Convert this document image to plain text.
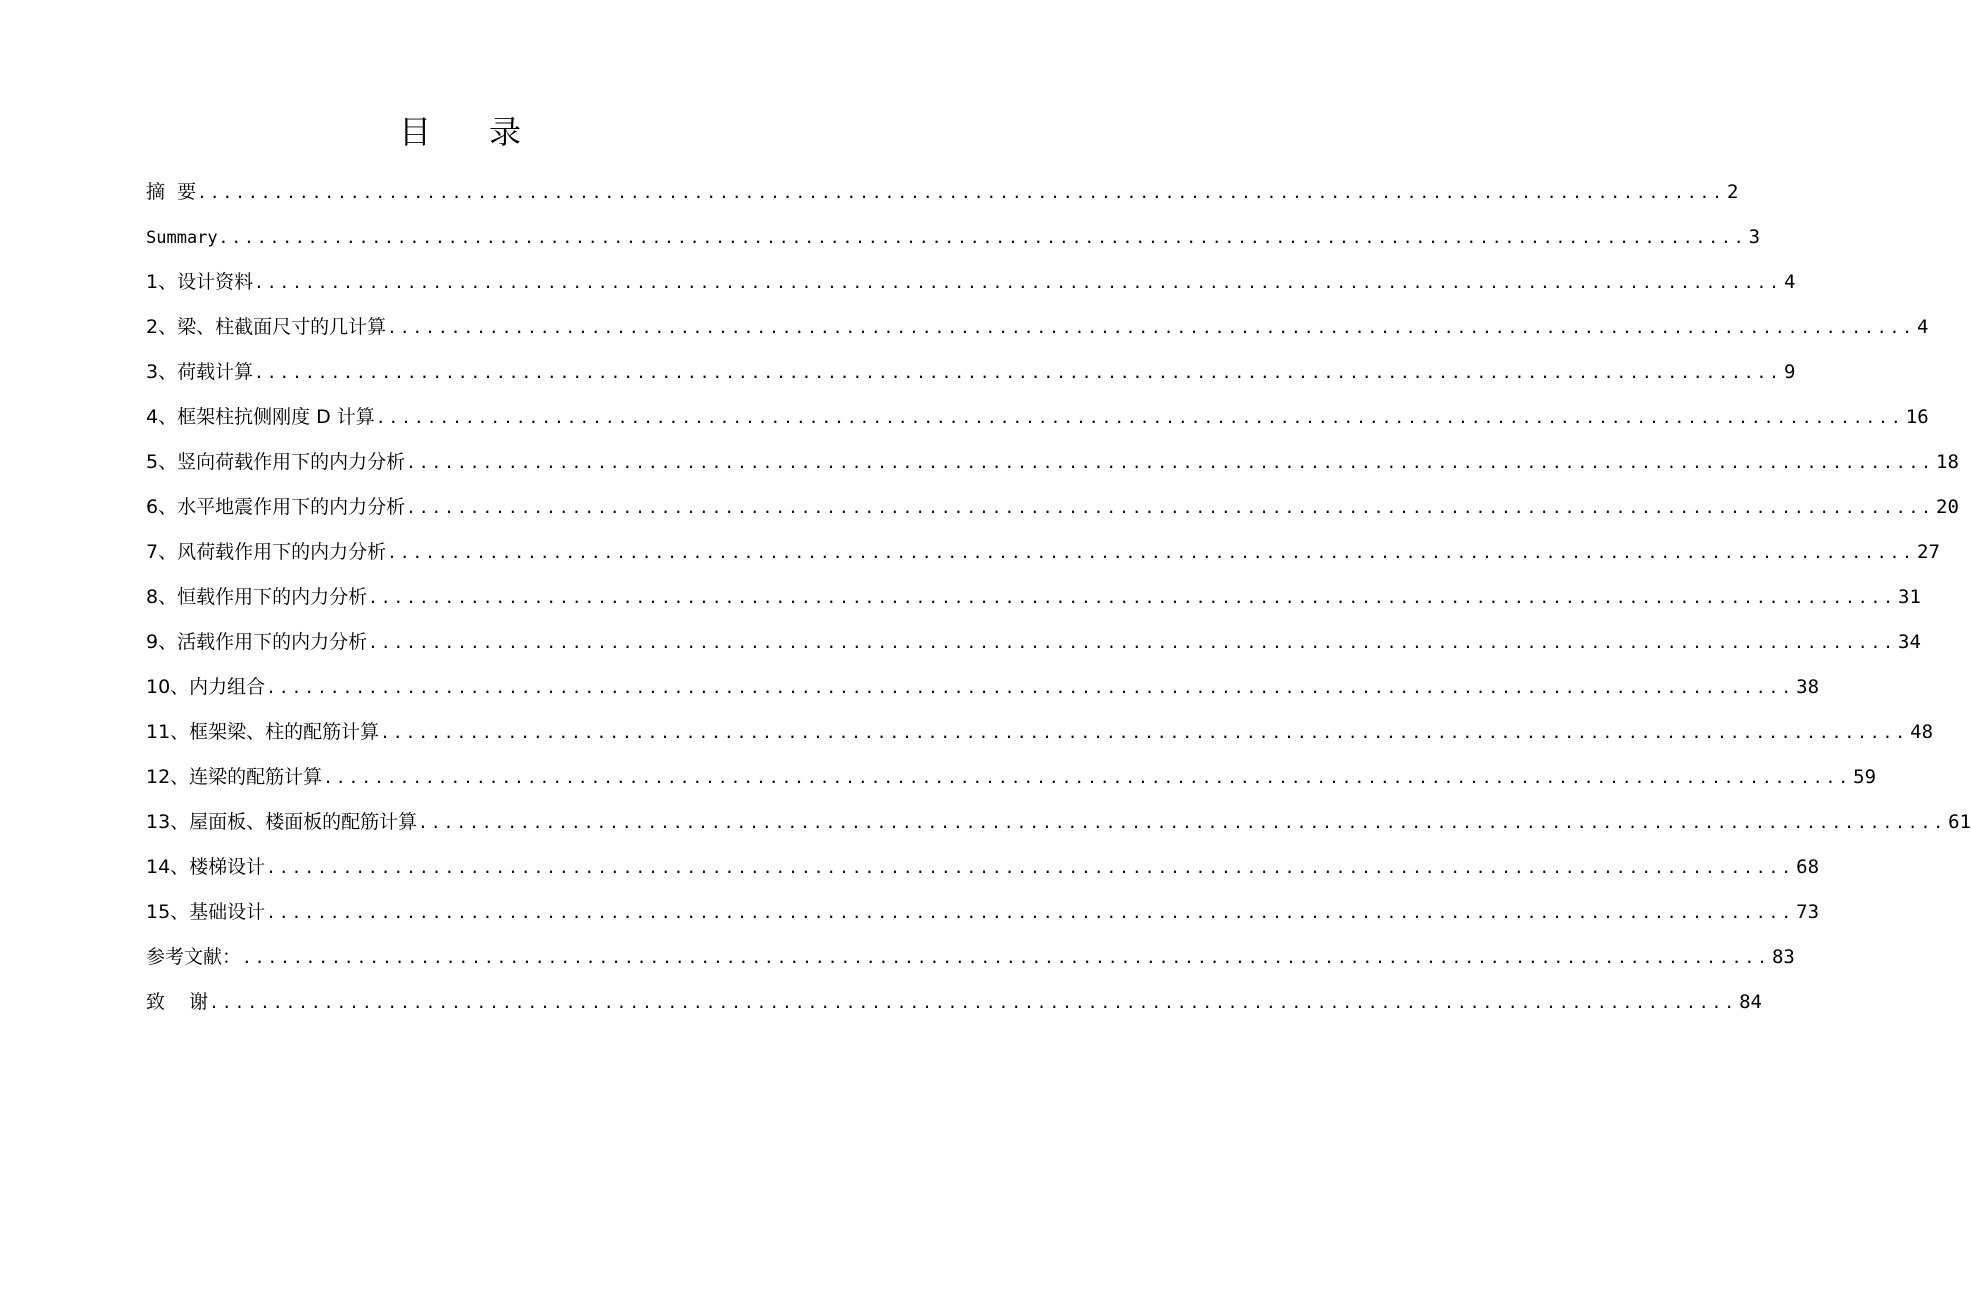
目 录
摘  要 ........................................................................................................................ 2
Summary ........................................................................................................................ 3
1、设计资料 ........................................................................................................................ 4
2、梁、柱截面尺寸的几计算 ........................................................................................................................ 4
3、荷载计算 ........................................................................................................................ 9
4、框架柱抗侧刚度 D 计算 ........................................................................................................................ 16
5、竖向荷载作用下的内力分析 ........................................................................................................................ 18
6、水平地震作用下的内力分析 ........................................................................................................................ 20
7、风荷载作用下的内力分析 ........................................................................................................................ 27
8、恒载作用下的内力分析 ........................................................................................................................ 31
9、活载作用下的内力分析 ........................................................................................................................ 34
10、内力组合 ........................................................................................................................ 38
11、框架梁、柱的配筋计算 ........................................................................................................................ 48
12、连梁的配筋计算 ........................................................................................................................ 59
13、屋面板、楼面板的配筋计算 ........................................................................................................................ 61
14、楼梯设计 ........................................................................................................................ 68
15、基础设计 ........................................................................................................................ 73
参考文献： ........................................................................................................................ 83
致    谢 ........................................................................................................................ 84
